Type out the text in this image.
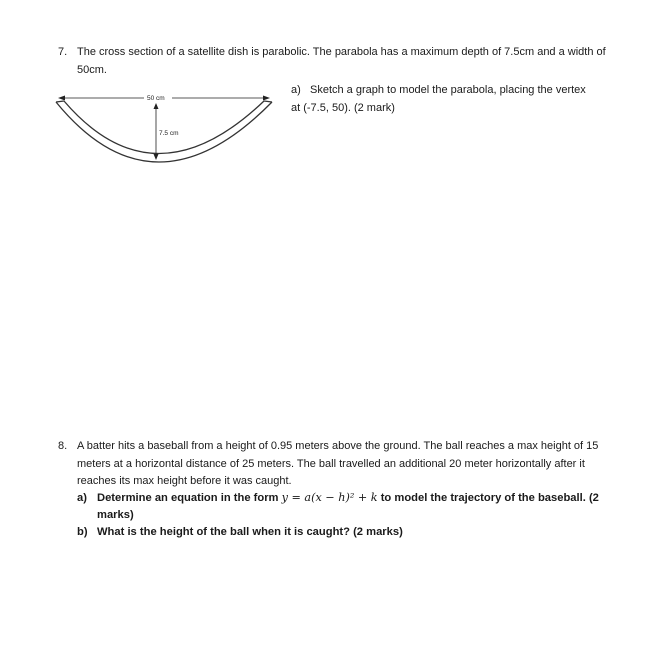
7. The cross section of a satellite dish is parabolic. The parabola has a maximum depth of 7.5cm and a width of
50cm.
50 cm
7.5 cm
a) Sketch a graph to model the parabola, placing the vertex
at (-7.5, 50). (2 mark)
8. A batter hits a baseball from a height of 0.95 meters above the ground. The ball reaches a max height of 15
meters at a horizontal distance of 25 meters. The ball travelled an additional 20 meter horizontally after it
reaches its max height before it was caught.
a) Determine an equation in the form y = a(x − h)² + k to model the trajectory of the baseball. (2
marks)
b) What is the height of the ball when it is caught? (2 marks)
